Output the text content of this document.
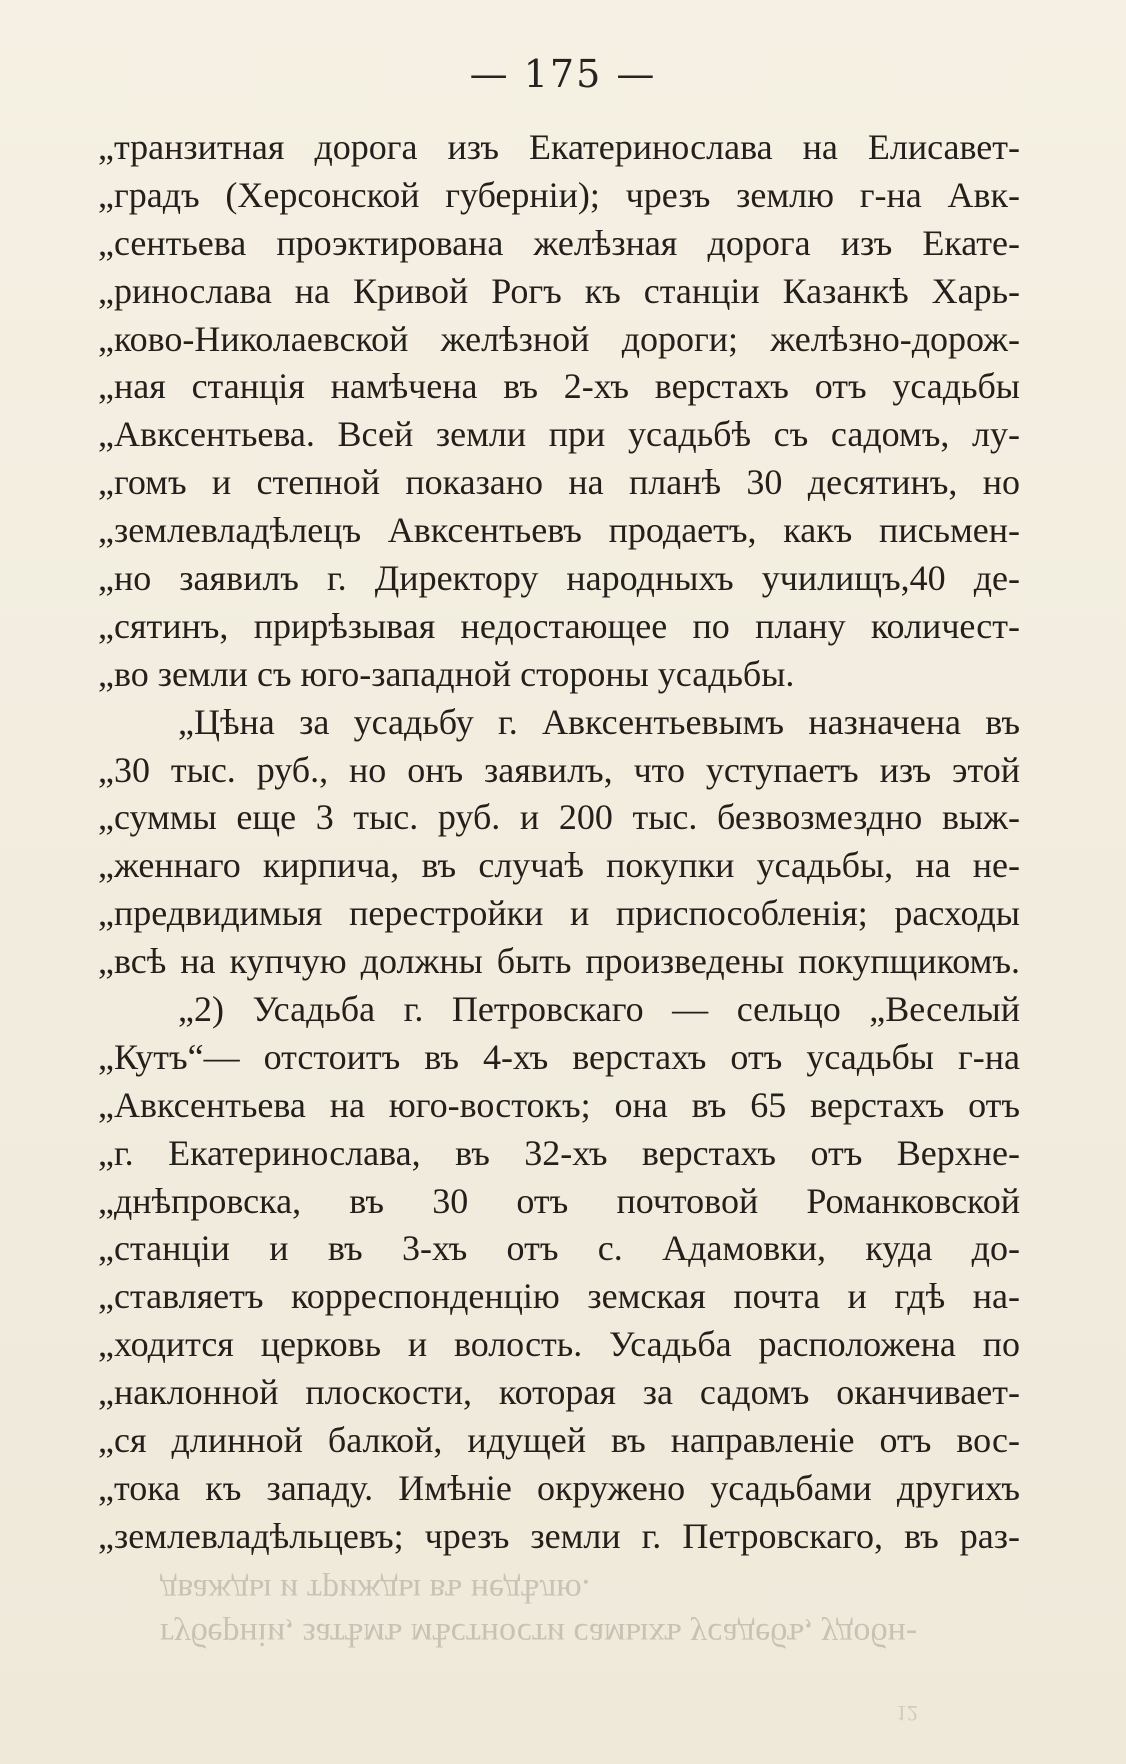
— 175 —
„транзитная дорога изъ Екатеринослава на Елисавет-
„градъ (Херсонской губерніи); чрезъ землю г-на Авк-
„сентьева проэктирована желѣзная дорога изъ Екате-
„ринослава на Кривой Рогъ къ станціи Казанкѣ Харь-
„ково-Николаевской желѣзной дороги; желѣзно-дорож-
„ная станція намѣчена въ 2-хъ верстахъ отъ усадьбы
„Авксентьева. Всей земли при усадьбѣ съ садомъ, лу-
„гомъ и степной показано на планѣ 30 десятинъ, но
„землевладѣлецъ Авксентьевъ продаетъ, какъ письмен-
„но заявилъ г. Директору народныхъ училищъ,40 де-
„сятинъ, прирѣзывая недостающее по плану количест-
„во земли съ юго-западной стороны усадьбы.
„Цѣна за усадьбу г. Авксентьевымъ назначена въ
„30 тыс. руб., но онъ заявилъ, что уступаетъ изъ этой
„суммы еще 3 тыс. руб. и 200 тыс. безвозмездно выж-
„женнаго кирпича, въ случаѣ покупки усадьбы, на не-
„предвидимыя перестройки и приспособленія; расходы
„всѣ на купчую должны быть произведены покупщикомъ.
„2) Усадьба г. Петровскаго — сельцо „Веселый
„Кутъ“— отстоитъ въ 4-хъ верстахъ отъ усадьбы г-на
„Авксентьева на юго-востокъ; она въ 65 верстахъ отъ
„г. Екатеринослава, въ 32-хъ верстахъ отъ Верхне-
„днѣпровска, въ 30 отъ почтовой Романковской
„станціи и въ 3-хъ отъ с. Адамовки, куда до-
„ставляетъ корреспонденцію земская почта и гдѣ на-
„ходится церковь и волость. Усадьба расположена по
„наклонной плоскости, которая за садомъ оканчивает-
„ся длинной балкой, идущей въ направленіе отъ вос-
„тока къ западу. Имѣніе окружено усадьбами другихъ
„землевладѣльцевъ; чрезъ земли г. Петровскаго, въ раз-
губерніи, затѣмъ мѣстности самыхъ усадебъ, удобн-
дважды и трижды въ недѣлю.
12
